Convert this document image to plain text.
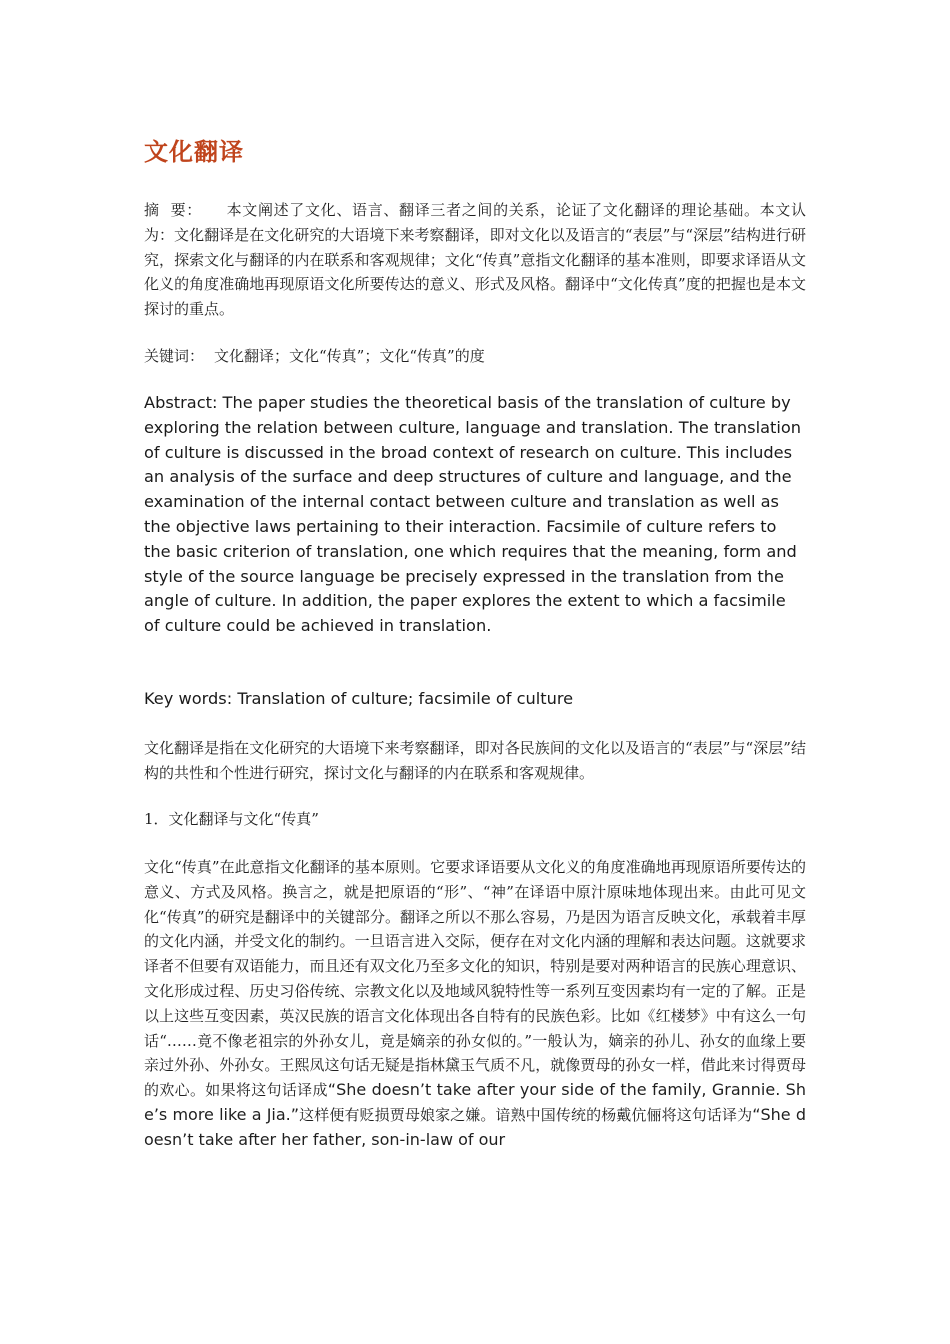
文化翻译

摘  要： 本文阐述了文化、语言、翻译三者之间的关系，论证了文化翻译的理论基础。本文认为：文化翻译是在文化研究的大语境下来考察翻译，即对文化以及语言的“表层”与“深层”结构进行研究，探索文化与翻译的内在联系和客观规律；文化“传真”意指文化翻译的基本准则，即要求译语从文化义的角度准确地再现原语文化所要传达的意义、形式及风格。翻译中“文化传真”度的把握也是本文探讨的重点。

关键词： 文化翻译；文化“传真”；文化“传真”的度

Abstract: The paper studies the theoretical basis of the translation of culture by exploring the relation between culture, language and translation. The translation of culture is discussed in the broad context of research on culture. This includes an analysis of the surface and deep structures of culture and language, and the examination of the internal contact between culture and translation as well as the objective laws pertaining to their interaction. Facsimile of culture refers to the basic criterion of translation, one which requires that the meaning, form and style of the source language be precisely expressed in the translation from the angle of culture. In addition, the paper explores the extent to which a facsimile of culture could be achieved in translation.

Key words: Translation of culture; facsimile of culture

文化翻译是指在文化研究的大语境下来考察翻译，即对各民族间的文化以及语言的“表层”与“深层”结构的共性和个性进行研究，探讨文化与翻译的内在联系和客观规律。

1．文化翻译与文化“传真”

文化“传真”在此意指文化翻译的基本原则。它要求译语要从文化义的角度准确地再现原语所要传达的意义、方式及风格。换言之，就是把原语的“形”、“神”在译语中原汁原味地体现出来。由此可见文化“传真”的研究是翻译中的关键部分。翻译之所以不那么容易，乃是因为语言反映文化，承载着丰厚的文化内涵，并受文化的制约。一旦语言进入交际，便存在对文化内涵的理解和表达问题。这就要求译者不但要有双语能力，而且还有双文化乃至多文化的知识，特别是要对两种语言的民族心理意识、文化形成过程、历史习俗传统、宗教文化以及地域风貌特性等一系列互变因素均有一定的了解。正是以上这些互变因素，英汉民族的语言文化体现出各自特有的民族色彩。比如《红楼梦》中有这么一句话“……竟不像老祖宗的外孙女儿，竟是嫡亲的孙女似的。”一般认为，嫡亲的孙儿、孙女的血缘上要亲过外孙、外孙女。王熙凤这句话无疑是指林黛玉气质不凡，就像贾母的孙女一样，借此来讨得贾母的欢心。如果将这句话译成“She doesn’t take after your side of the family, Grannie. She’s more like a Jia.”这样便有贬损贾母娘家之嫌。谙熟中国传统的杨戴伉俪将这句话译为“She doesn’t take after her father, son-in-law of our
